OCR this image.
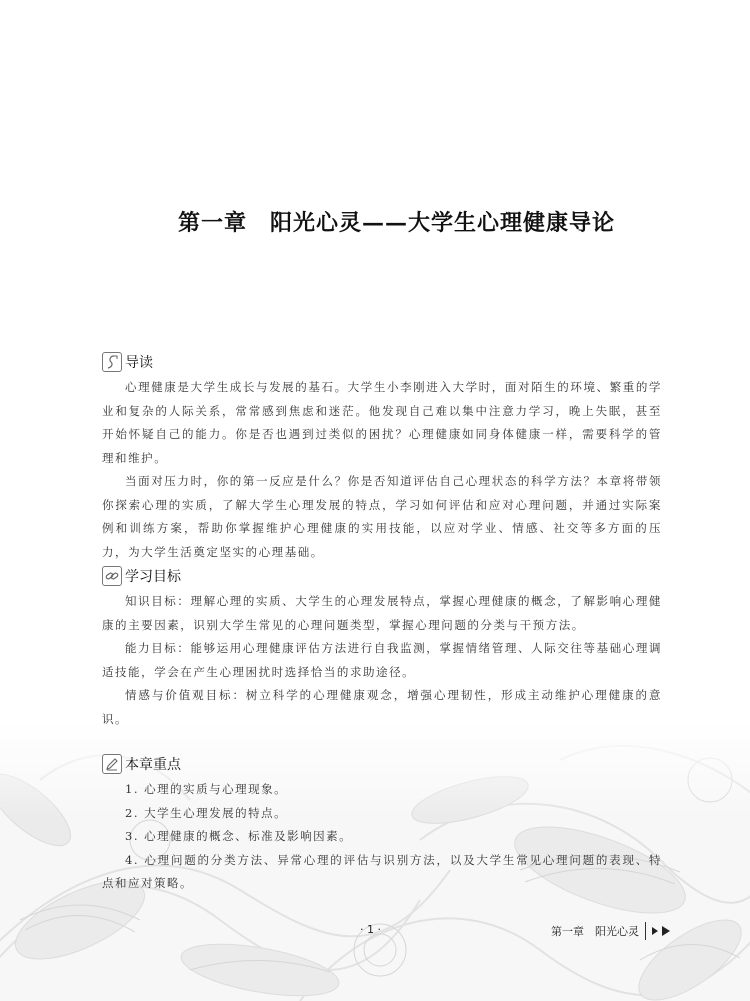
第一章　阳光心灵——大学生心理健康导论
导读

心理健康是大学生成长与发展的基石。大学生小李刚进入大学时，面对陌生的环境、繁重的学业和复杂的人际关系，常常感到焦虑和迷茫。他发现自己难以集中注意力学习，晚上失眠，甚至开始怀疑自己的能力。你是否也遇到过类似的困扰？心理健康如同身体健康一样，需要科学的管理和维护。

当面对压力时，你的第一反应是什么？你是否知道评估自己心理状态的科学方法？本章将带领你探索心理的实质，了解大学生心理发展的特点，学习如何评估和应对心理问题，并通过实际案例和训练方案，帮助你掌握维护心理健康的实用技能，以应对学业、情感、社交等多方面的压力，为大学生活奠定坚实的心理基础。

学习目标

知识目标：理解心理的实质、大学生的心理发展特点，掌握心理健康的概念，了解影响心理健康的主要因素，识别大学生常见的心理问题类型，掌握心理问题的分类与干预方法。

能力目标：能够运用心理健康评估方法进行自我监测，掌握情绪管理、人际交往等基础心理调适技能，学会在产生心理困扰时选择恰当的求助途径。

情感与价值观目标：树立科学的心理健康观念，增强心理韧性，形成主动维护心理健康的意识。

本章重点

1. 心理的实质与心理现象。

2. 大学生心理发展的特点。

3. 心理健康的概念、标准及影响因素。

4. 心理问题的分类方法、异常心理的评估与识别方法，以及大学生常见心理问题的表现、特点和应对策略。

· 1 ·	第一章　阳光心灵
